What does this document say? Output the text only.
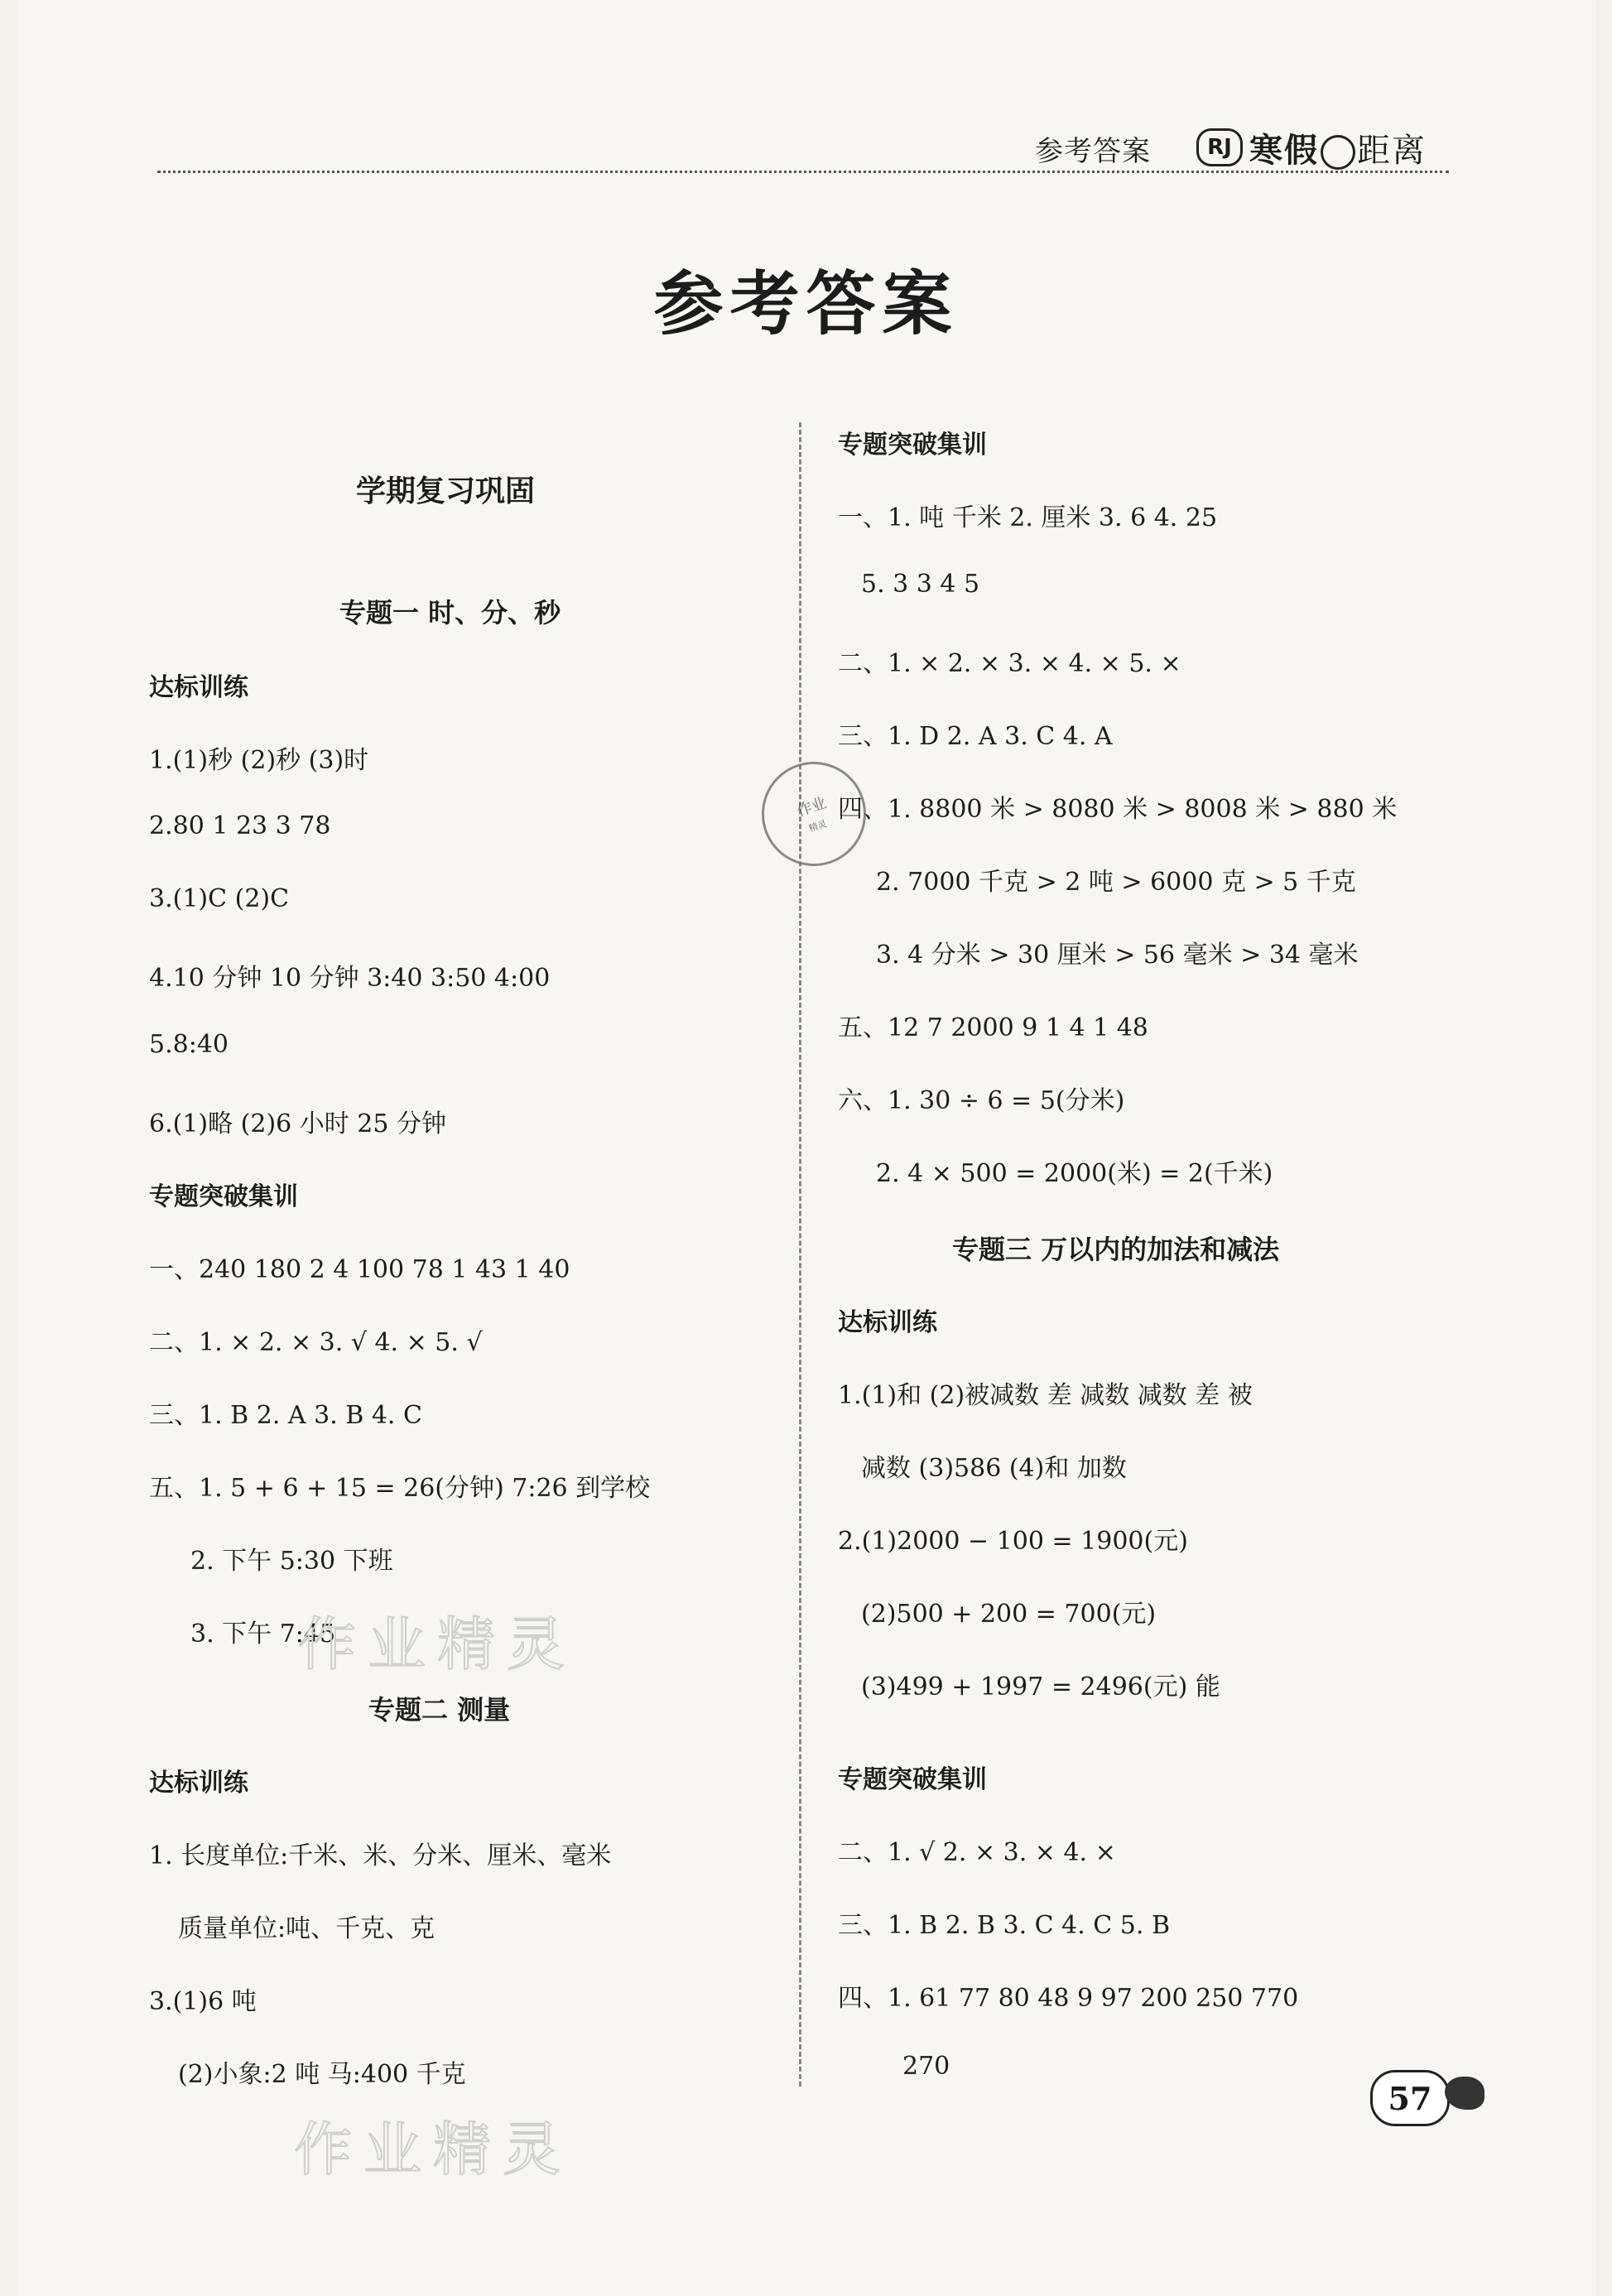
参考答案	RJ 寒假 距离
参考答案
学期复习巩固
专题一 时、分、秒
达标训练
1.(1)秒 (2)秒 (3)时
2.80 1 23 3 78
3.(1)C (2)C
4.10 分钟 10 分钟 3:40 3:50 4:00
5.8:40
6.(1)略 (2)6 小时 25 分钟
专题突破集训
一、240 180 2 4 100 78 1 43 1 40
二、1. × 2. × 3. √ 4. × 5. √
三、1. B 2. A 3. B 4. C
五、1. 5 + 6 + 15 = 26(分钟) 7:26 到学校
2. 下午 5:30 下班
3. 下午 7:45
专题二 测量
达标训练
1. 长度单位:千米、米、分米、厘米、毫米
质量单位:吨、千克、克
3.(1)6 吨
(2)小象:2 吨 马:400 千克
专题突破集训
一、1. 吨 千米 2. 厘米 3. 6 4. 25
5. 3 3 4 5
二、1. × 2. × 3. × 4. × 5. ×
三、1. D 2. A 3. C 4. A
四、1. 8800 米 > 8080 米 > 8008 米 > 880 米
2. 7000 千克 > 2 吨 > 6000 克 > 5 千克
3. 4 分米 > 30 厘米 > 56 毫米 > 34 毫米
五、12 7 2000 9 1 4 1 48
六、1. 30 ÷ 6 = 5(分米)
2. 4 × 500 = 2000(米) = 2(千米)
专题三 万以内的加法和减法
达标训练
1.(1)和 (2)被减数 差 减数 减数 差 被
减数 (3)586 (4)和 加数
2.(1)2000 − 100 = 1900(元)
(2)500 + 200 = 700(元)
(3)499 + 1997 = 2496(元) 能
专题突破集训
二、1. √ 2. × 3. × 4. ×
三、1. B 2. B 3. C 4. C 5. B
四、1. 61 77 80 48 9 97 200 250 770
270
作业
精灵
作业精灵
作业精灵
57
